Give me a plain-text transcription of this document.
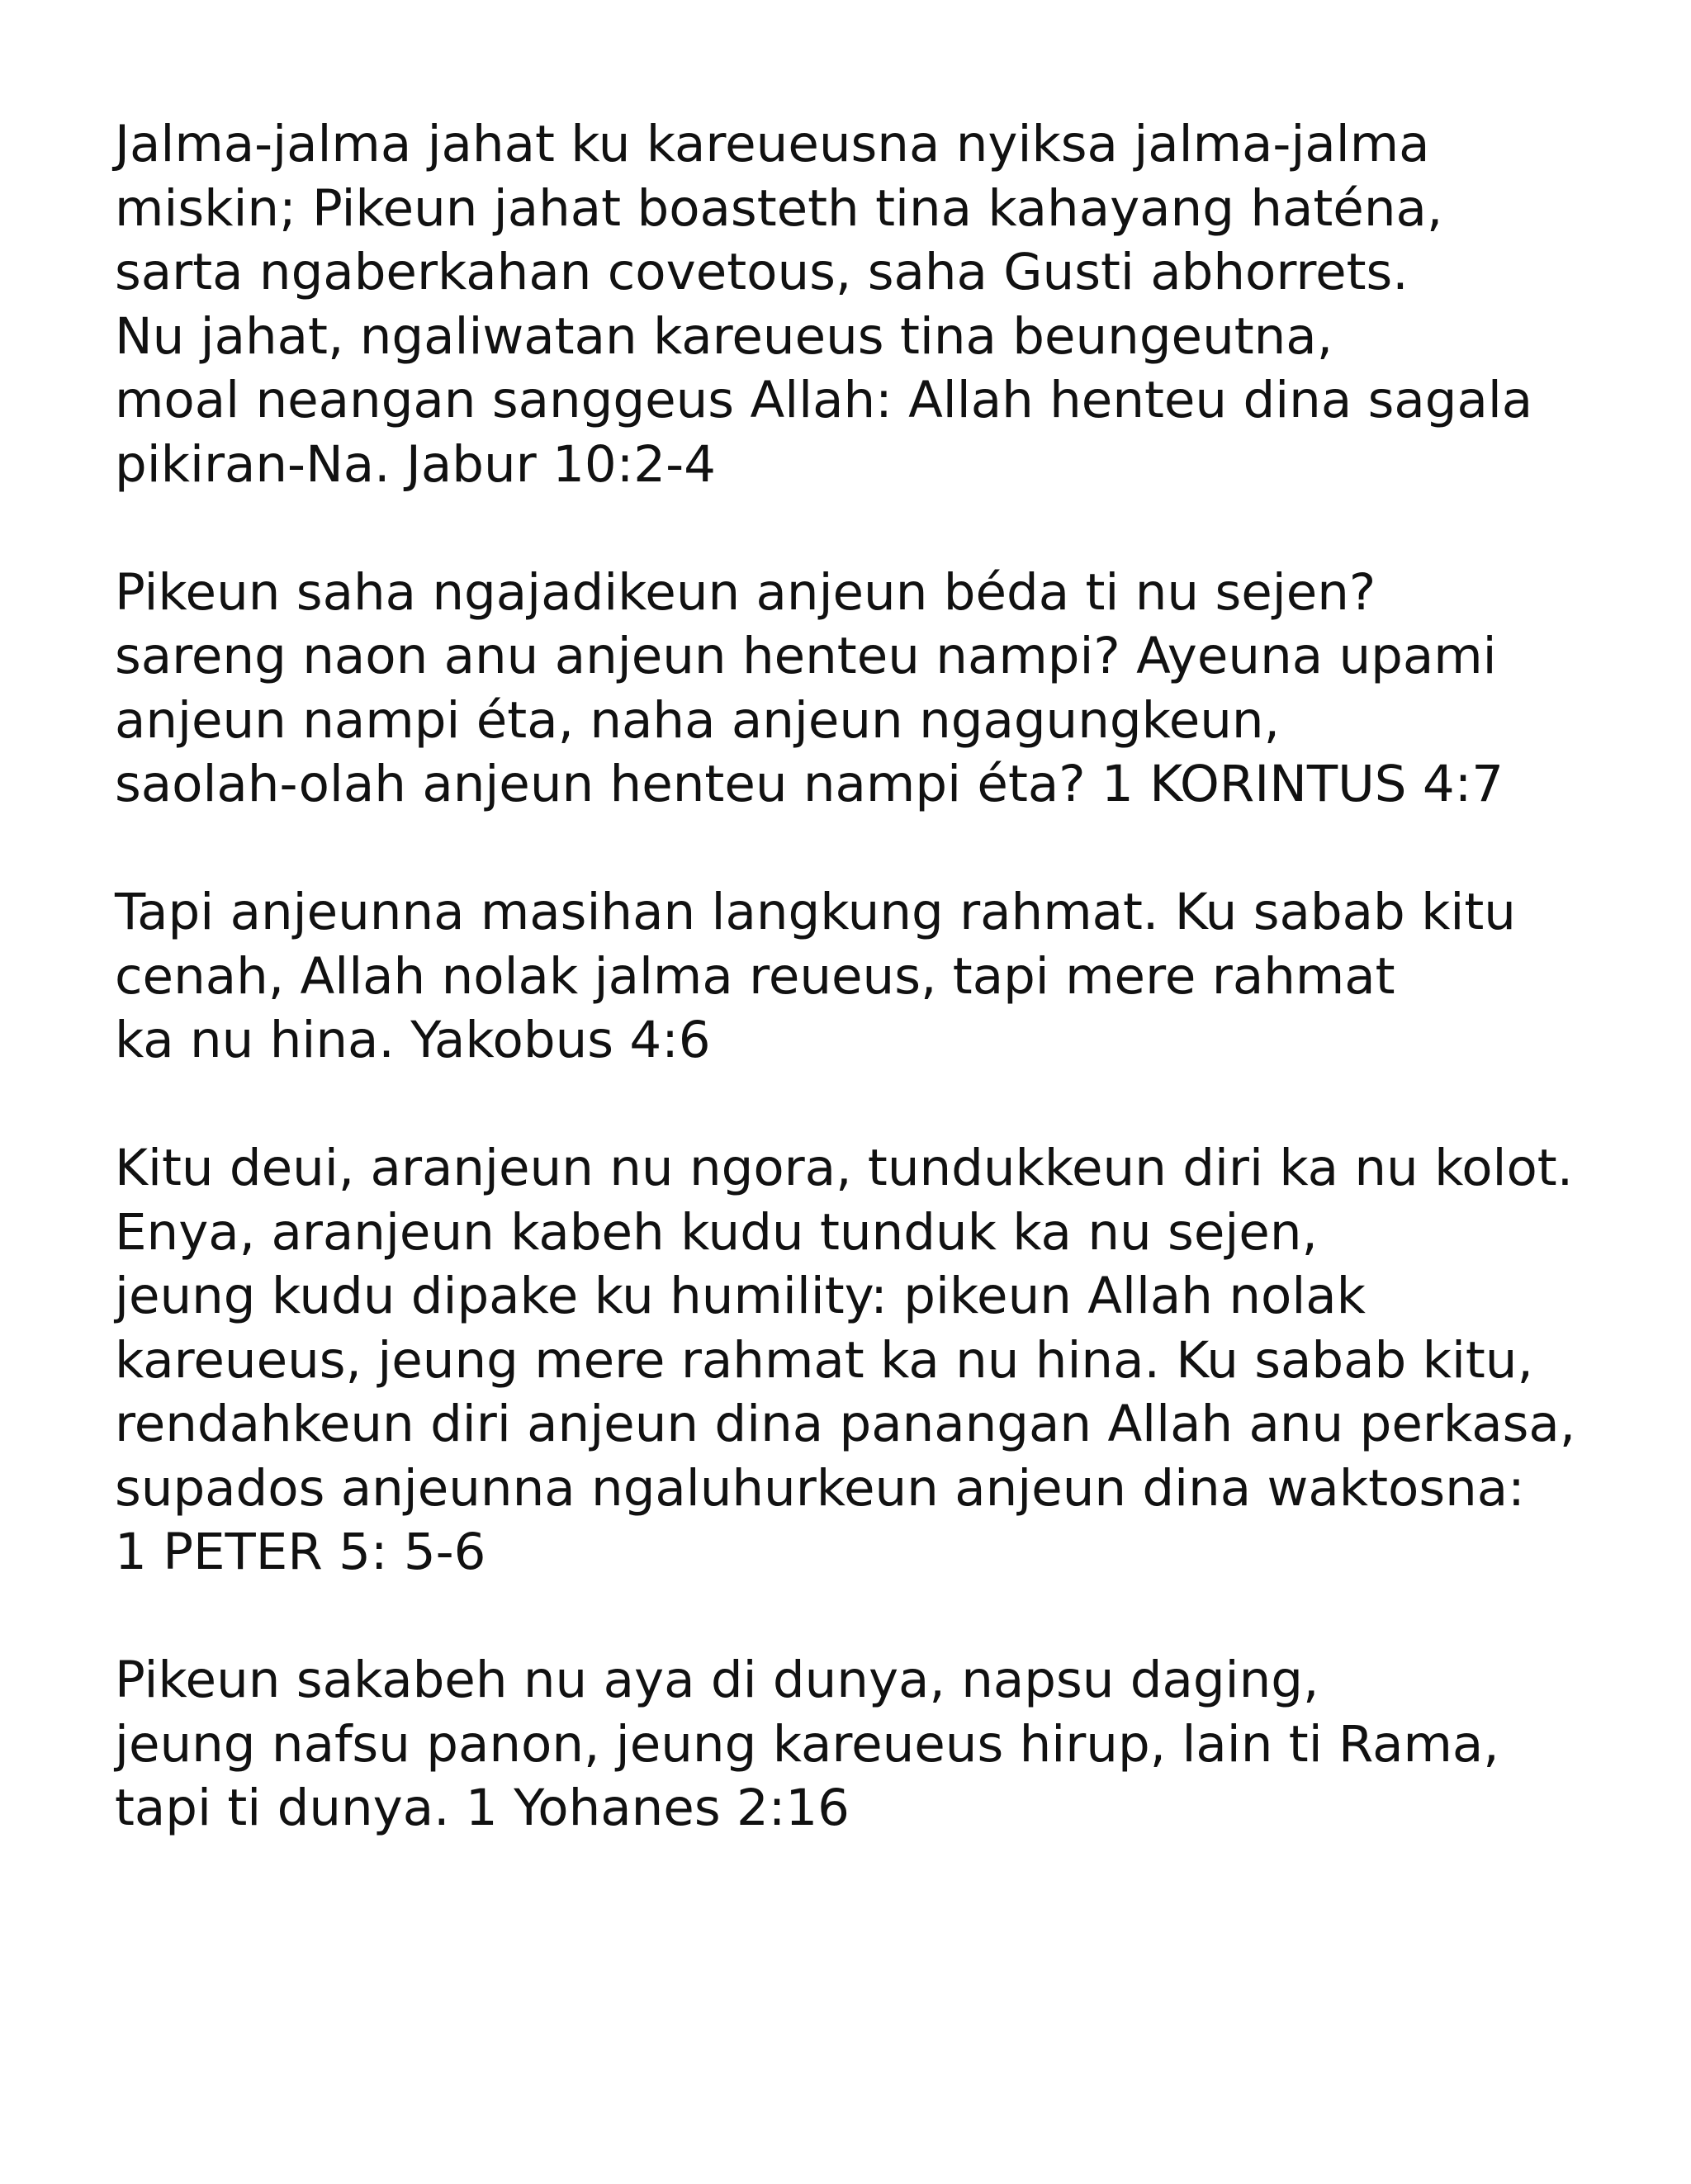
Jalma-jalma jahat ku kareueusna nyiksa jalma-jalma
miskin; Pikeun jahat boasteth tina kahayang haténa,
sarta ngaberkahan covetous, saha Gusti abhorrets.
Nu jahat, ngaliwatan kareueus tina beungeutna,
moal neangan sanggeus Allah: Allah henteu dina sagala
pikiran-Na. Jabur 10:2-4
Pikeun saha ngajadikeun anjeun béda ti nu sejen?
sareng naon anu anjeun henteu nampi? Ayeuna upami
anjeun nampi éta, naha anjeun ngagungkeun,
saolah-olah anjeun henteu nampi éta? 1 KORINTUS 4:7
Tapi anjeunna masihan langkung rahmat. Ku sabab kitu
cenah, Allah nolak jalma reueus, tapi mere rahmat
ka nu hina. Yakobus 4:6
Kitu deui, aranjeun nu ngora, tundukkeun diri ka nu kolot.
Enya, aranjeun kabeh kudu tunduk ka nu sejen,
jeung kudu dipake ku humility: pikeun Allah nolak
kareueus, jeung mere rahmat ka nu hina. Ku sabab kitu,
rendahkeun diri anjeun dina panangan Allah anu perkasa,
supados anjeunna ngaluhurkeun anjeun dina waktosna:
1 PETER 5: 5-6
Pikeun sakabeh nu aya di dunya, napsu daging,
jeung nafsu panon, jeung kareueus hirup, lain ti Rama,
tapi ti dunya. 1 Yohanes 2:16
